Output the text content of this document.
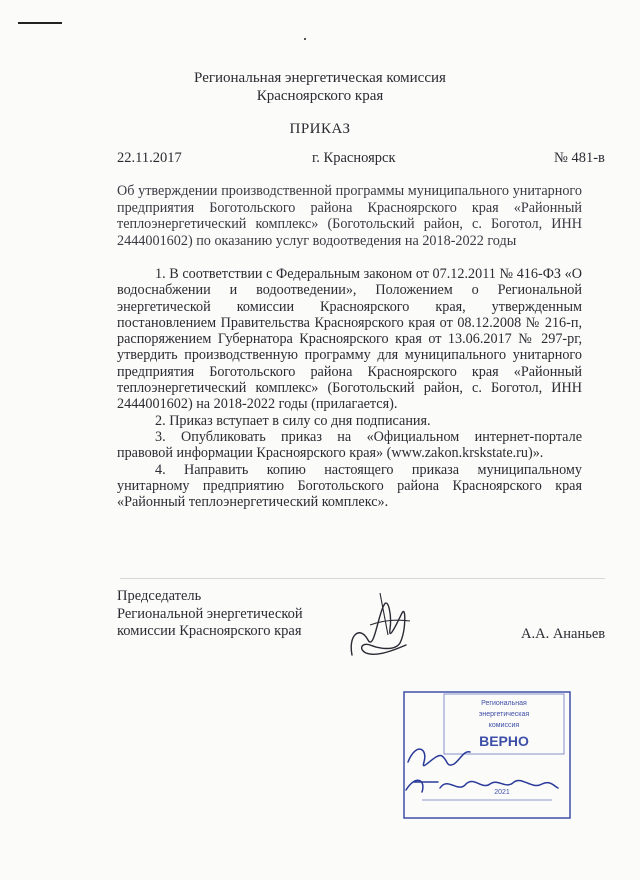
Региональная энергетическая комиссия
Красноярского края
ПРИКАЗ
22.11.2017	г. Красноярск	№ 481-в
Об утверждении производственной программы муниципального унитарного предприятия Боготольского района Красноярского края «Районный теплоэнергетический комплекс» (Боготольский район, с. Боготол, ИНН 2444001602) по оказанию услуг водоотведения на 2018-2022 годы

1. В соответствии с Федеральным законом от 07.12.2011 № 416-ФЗ «О водоснабжении и водоотведении», Положением о Региональной энергетической комиссии Красноярского края, утвержденным постановлением Правительства Красноярского края от 08.12.2008 № 216-п, распоряжением Губернатора Красноярского края от 13.06.2017 № 297-рг, утвердить производственную программу для муниципального унитарного предприятия Боготольского района Красноярского края «Районный теплоэнергетический комплекс» (Боготольский район, с. Боготол, ИНН 2444001602) на 2018-2022 годы (прилагается).

2. Приказ вступает в силу со дня подписания.

3. Опубликовать приказ на «Официальном интернет-портале правовой информации Красноярского края» (www.zakon.krskstate.ru)».

4. Направить копию настоящего приказа муниципальному унитарному предприятию Боготольского района Красноярского края «Районный теплоэнергетический комплекс».

Председатель
Региональной энергетической
комиссии Красноярского края	А.А. Ананьев
Региональная
энергетическая
комиссия
ВЕРНО
2021
